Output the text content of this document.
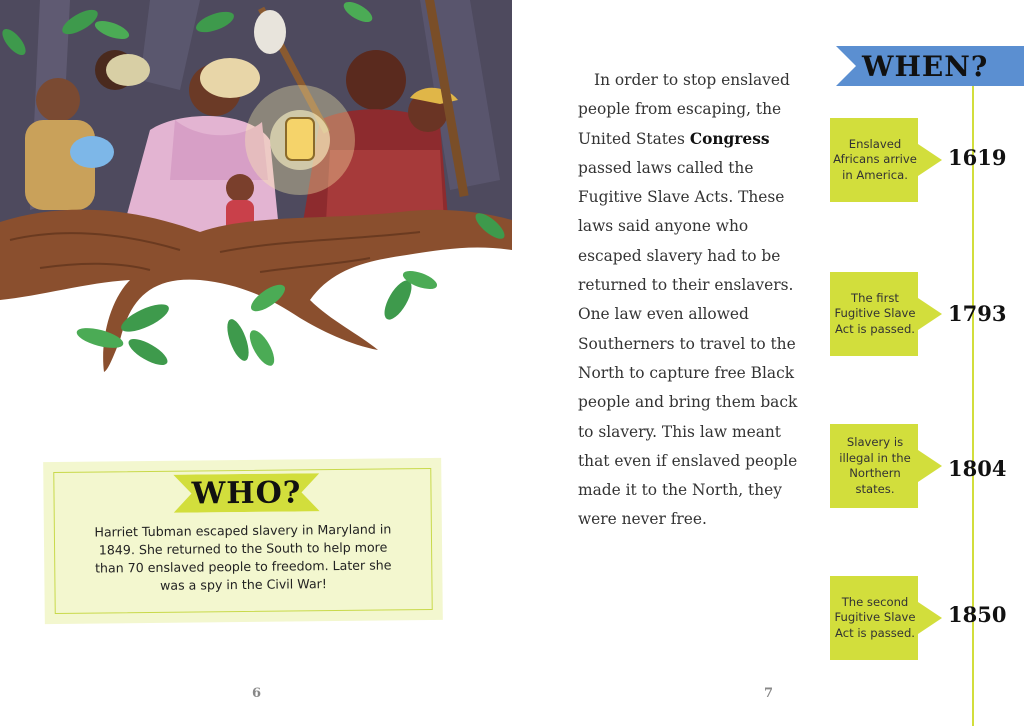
WHO?
Harriet Tubman escaped slavery in Maryland in 1849. She returned to the South to help more than 70 enslaved people to freedom. Later she was a spy in the Civil War!
6
In order to stop enslaved people from escaping, the United States Congress passed laws called the Fugitive Slave Acts. These laws said anyone who escaped slavery had to be returned to their enslavers. One law even allowed Southerners to travel to the North to capture free Black people and bring them back to slavery. This law meant that even if enslaved people made it to the North, they were never free.
7
WHEN?
Enslaved Africans arrive in America.
1619
The first Fugitive Slave Act is passed.
1793
Slavery is illegal in the Northern states.
1804
The second Fugitive Slave Act is passed.
1850
